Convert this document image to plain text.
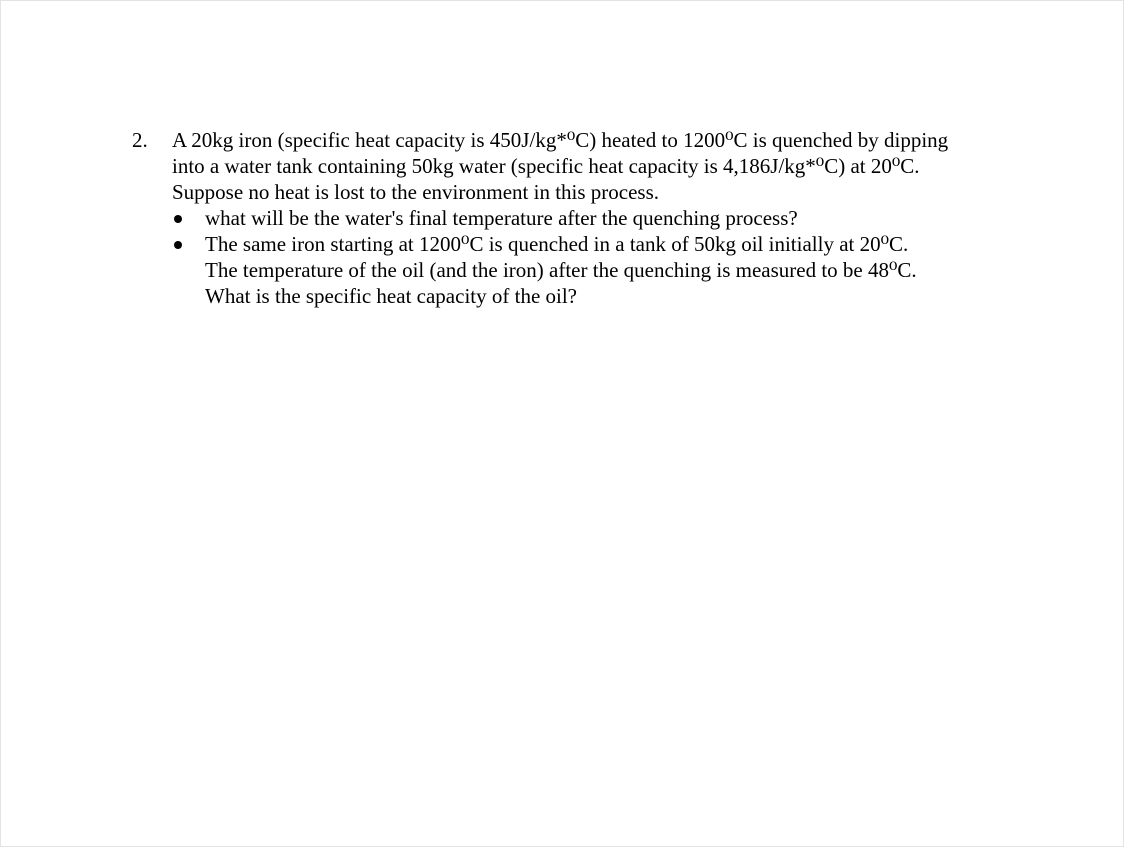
2.	A 20kg iron (specific heat capacity is 450J/kg*⁰C) heated to 1200⁰C is quenched by dipping
into a water tank containing 50kg water (specific heat capacity is 4,186J/kg*⁰C) at 20⁰C.
Suppose no heat is lost to the environment in this process.
what will be the water's final temperature after the quenching process?
The same iron starting at 1200⁰C is quenched in a tank of 50kg oil initially at 20⁰C.
The temperature of the oil (and the iron) after the quenching is measured to be 48⁰C.
What is the specific heat capacity of the oil?
